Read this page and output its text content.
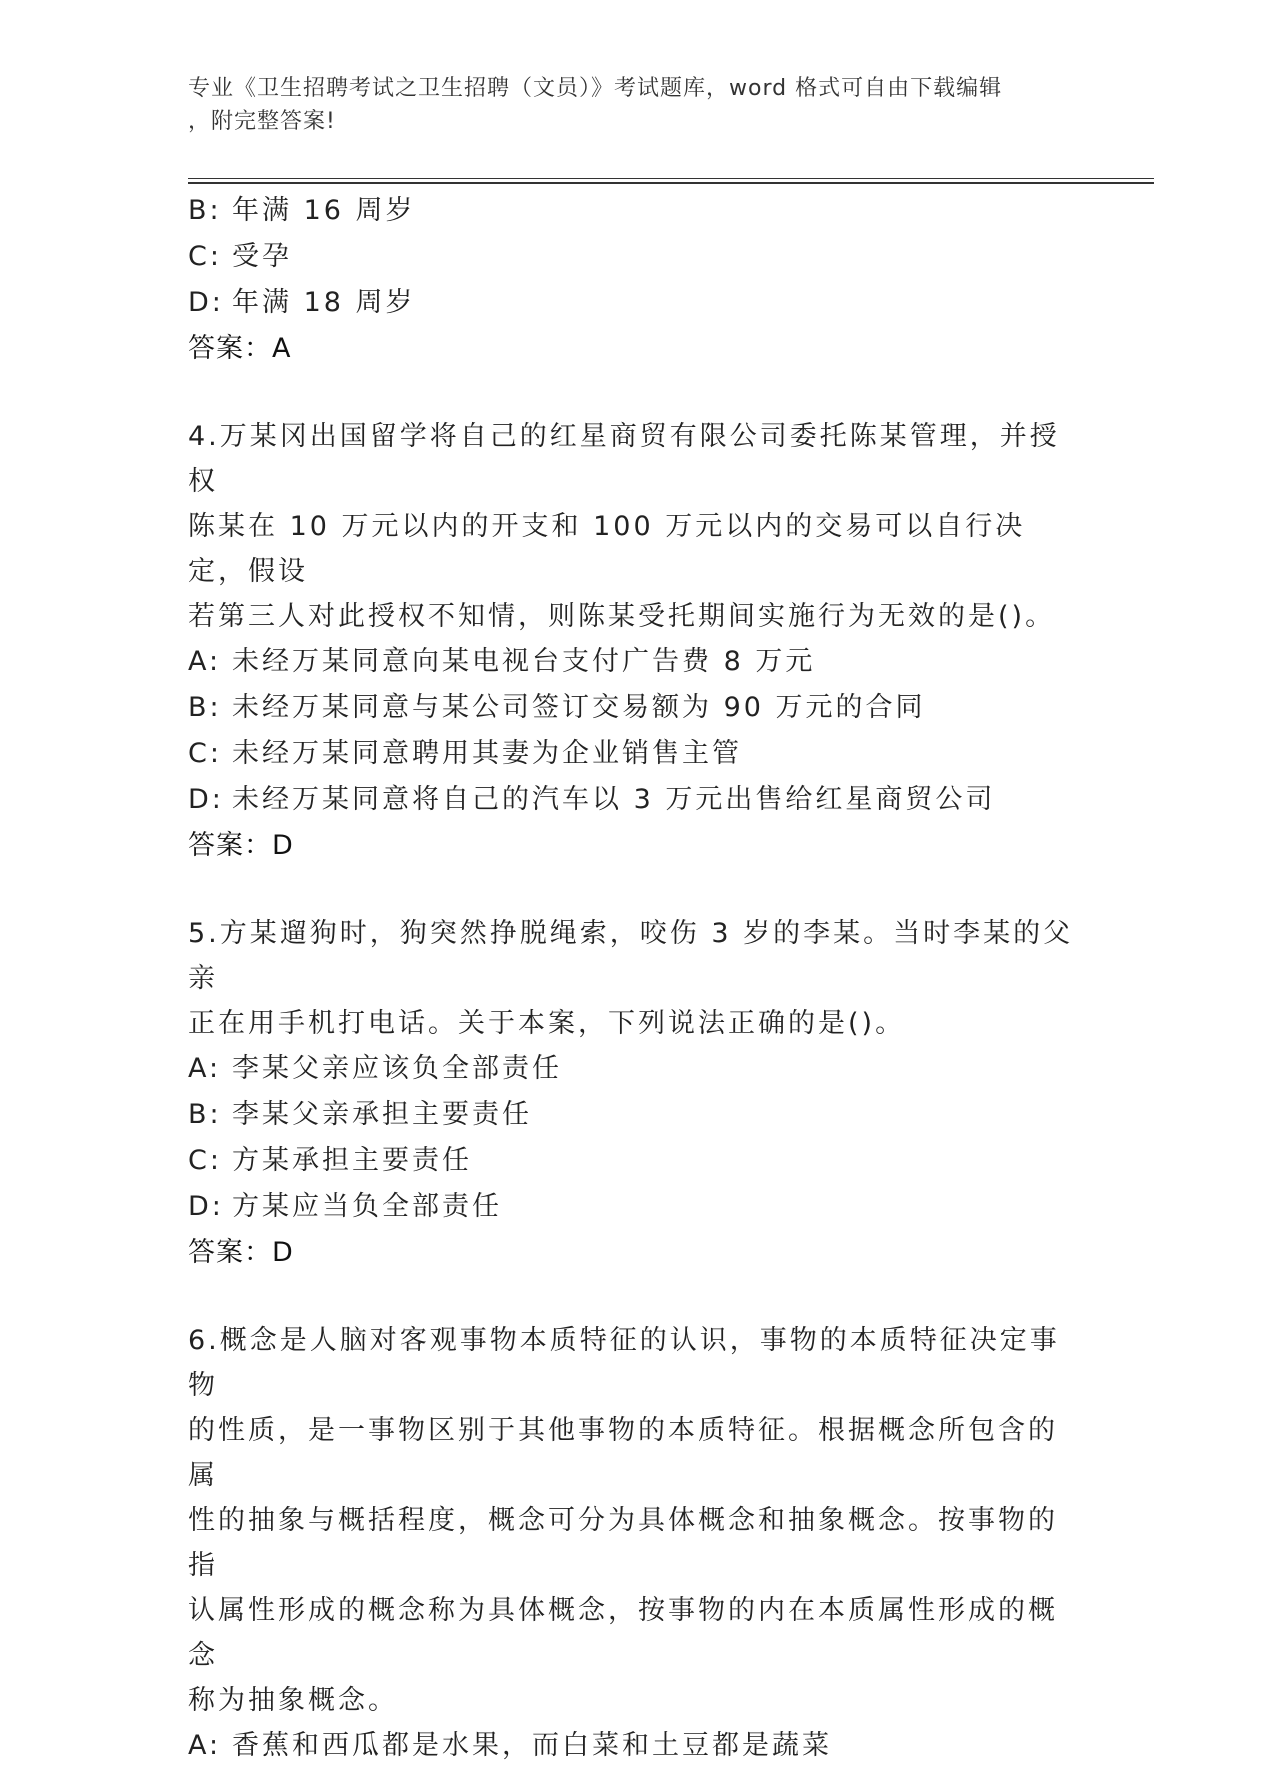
专业《卫生招聘考试之卫生招聘（文员）》考试题库，word 格式可自由下载编辑
，附完整答案!
B: 年满 16 周岁
C: 受孕
D: 年满 18 周岁
答案：A
4.万某冈出国留学将自己的红星商贸有限公司委托陈某管理，并授权
陈某在 10 万元以内的开支和 100 万元以内的交易可以自行决定，假设
若第三人对此授权不知情，则陈某受托期间实施行为无效的是()。
A: 未经万某同意向某电视台支付广告费 8 万元
B: 未经万某同意与某公司签订交易额为 90 万元的合同
C: 未经万某同意聘用其妻为企业销售主管
D: 未经万某同意将自己的汽车以 3 万元出售给红星商贸公司
答案：D
5.方某遛狗时，狗突然挣脱绳索，咬伤 3 岁的李某。当时李某的父亲
正在用手机打电话。关于本案，下列说法正确的是()。
A: 李某父亲应该负全部责任
B: 李某父亲承担主要责任
C: 方某承担主要责任
D: 方某应当负全部责任
答案：D
6.概念是人脑对客观事物本质特征的认识，事物的本质特征决定事物
的性质，是一事物区别于其他事物的本质特征。根据概念所包含的属
性的抽象与概括程度，概念可分为具体概念和抽象概念。按事物的指
认属性形成的概念称为具体概念，按事物的内在本质属性形成的概念
称为抽象概念。
A: 香蕉和西瓜都是水果，而白菜和土豆都是蔬菜
